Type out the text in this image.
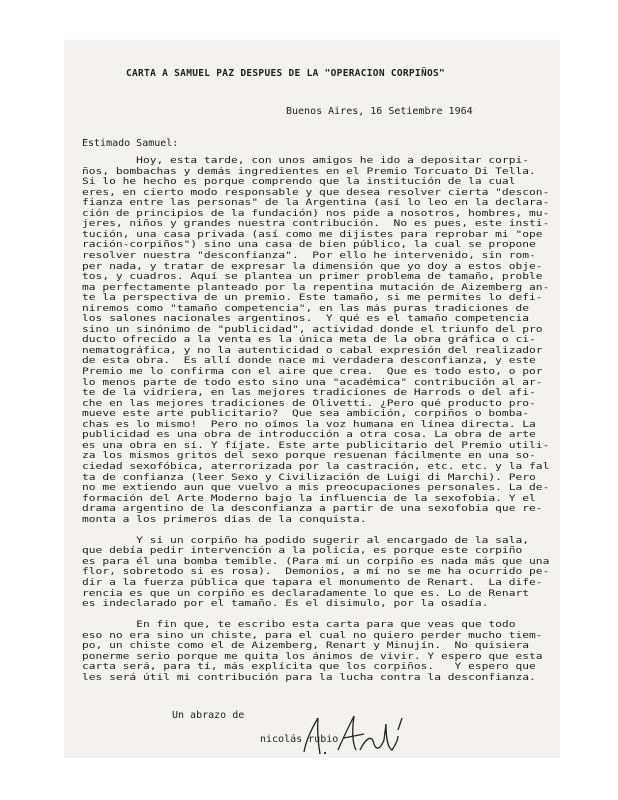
CARTA A SAMUEL PAZ DESPUES DE LA "OPERACION CORPIÑOS"
Buenos Aires, 16 Setiembre 1964
Estimado Samuel:
Hoy, esta tarde, con unos amigos he ido a depositar corpi-
ños, bombachas y demás ingredientes en el Premio Torcuato Di Tella.
Si lo he hecho es porque comprendo que la institución de la cual
eres, en cierto modo responsable y que desea resolver cierta "descon-
fianza entre las personas" de la Argentina (así lo leo en la declara-
ción de principios de la fundación) nos pide a nosotros, hombres, mu-
jeres, niños y grandes nuestra contribución.  No es pues, este insti-
tución, una casa privada (así como me dijistes para reprobar mi "ope
ración-corpiños") sino una casa de bien público, la cual se propone
resolver nuestra "desconfianza".  Por ello he intervenido, sin rom-
per nada, y tratar de expresar la dimensión que yo doy a estos obje-
tos, y cuadros. Aquí se plantea un primer problema de tamaño, proble
ma perfectamente planteado por la repentina mutación de Aizemberg an-
te la perspectiva de un premio. Este tamaño, si me permites lo defi-
niremos como "tamaño competencia", en las más puras tradiciones de
los salones nacionales argentinos.  Y qué es el tamaño competencia
sino un sinónimo de "publicidad", actividad donde el triunfo del pro
ducto ofrecido a la venta es la única meta de la obra gráfica o ci-
nematográfica, y no la autenticidad o cabal expresión del realizador
de esta obra.  Es allí donde nace mi verdadera desconfianza, y este
Premio me lo confirma con el aire que crea.  Que es todo esto, o por
lo menos parte de todo esto sino una "académica" contribución al ar-
te de la vidriera, en las mejores tradiciones de Harrods o del afi-
che en las mejores tradiciones de Olivetti. ¿Pero qué producto pro-
mueve este arte publicitario?  Que sea ambición, corpiños o bomba-
chas es lo mismo!  Pero no oímos la voz humana en línea directa. La
publicidad es una obra de introducción a otra cosa. La obra de arte
es una obra en sí. Y fíjate. Este arte publicitario del Premio utili-
za los mismos gritos del sexo porque resuenan fácilmente en una so-
ciedad sexofóbica, aterrorizada por la castración, etc. etc. y la fal
ta de confianza (leer Sexo y Civilización de Luigi di Marchi). Pero
no me extiendo aun que vuelvo a mis preocupaciones personales. La de-
formación del Arte Moderno bajo la influencia de la sexofobia. Y el
drama argentino de la desconfianza a partir de una sexofobia que re-
monta a los primeros días de la conquista.
Y si un corpiño ha podido sugerir al encargado de la sala,
que debía pedir intervención a la policía, es porque este corpiño
es para él una bomba temible. (Para mí un corpiño es nada más que una
flor, sobretodo si es rosa).  Demonios, a mí no se me ha ocurrido pe-
dir a la fuerza pública que tapara el monumento de Renart.  La dife-
rencia es que un corpiño es declaradamente lo que es. Lo de Renart
es indeclarado por el tamaño. Es el disimulo, por la osadía.
En fin que, te escribo esta carta para que veas que todo
eso no era sino un chiste, para el cual no quiero perder mucho tiem-
po, un chiste como el de Aizemberg, Renart y Minujín.  No quisiera
ponerme serio porque me quita los ánimos de vivir. Y espero que esta
carta será, para tí, más explícita que los corpiños.   Y espero que
les será útil mi contribución para la lucha contra la desconfianza.
Un abrazo de
nicolás rubio
